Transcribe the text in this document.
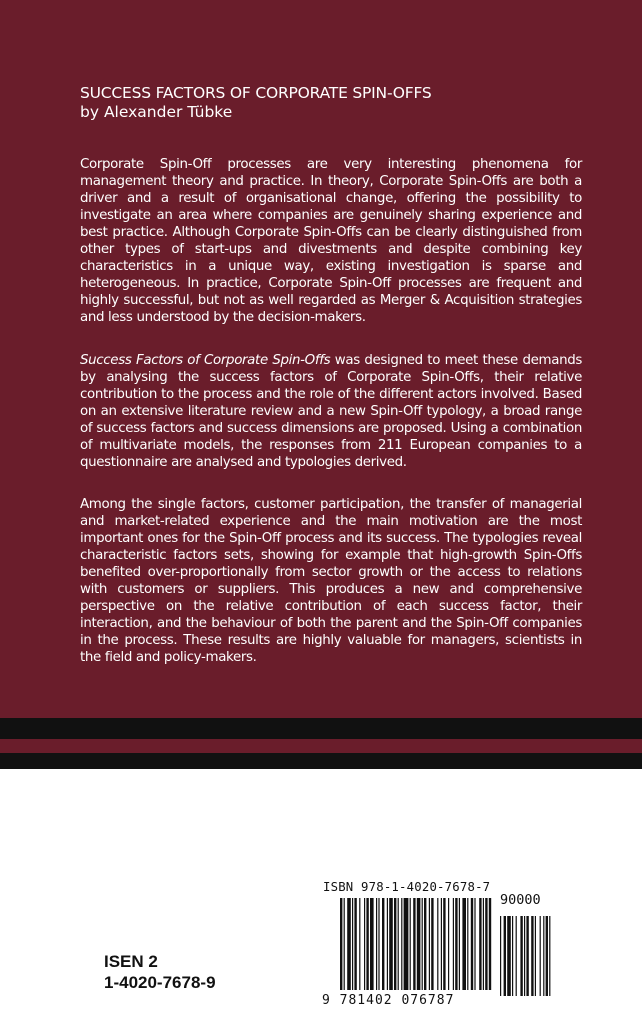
SUCCESS FACTORS OF CORPORATE SPIN-OFFS
by Alexander Tübke

Corporate Spin-Off processes are very interesting phenomena for management theory and practice. In theory, Corporate Spin-Offs are both a driver and a result of organisational change, offering the possibility to investigate an area where companies are genuinely sharing experience and best practice. Although Corporate Spin-Offs can be clearly distinguished from other types of start-ups and divestments and despite combining key characteristics in a unique way, existing investigation is sparse and heterogeneous. In practice, Corporate Spin-Off processes are frequent and highly successful, but not as well regarded as Merger & Acquisition strategies and less understood by the decision-makers.

Success Factors of Corporate Spin-Offs was designed to meet these demands by analysing the success factors of Corporate Spin-Offs, their relative contribution to the process and the role of the different actors involved. Based on an extensive literature review and a new Spin-Off typology, a broad range of success factors and success dimensions are proposed. Using a combination of multivariate models, the responses from 211 European companies to a questionnaire are analysed and typologies derived.

Among the single factors, customer participation, the transfer of managerial and market-related experience and the main motivation are the most important ones for the Spin-Off process and its success. The typologies reveal characteristic factors sets, showing for example that high-growth Spin-Offs benefited over-proportionally from sector growth or the access to relations with customers or suppliers. This produces a new and comprehensive perspective on the relative contribution of each success factor, their interaction, and the behaviour of both the parent and the Spin-Off companies in the process. These results are highly valuable for managers, scientists in the field and policy-makers.

ISBN 978-1-4020-7678-7
90000
9 781402 076787
ISEN 2
1-4020-7678-9
